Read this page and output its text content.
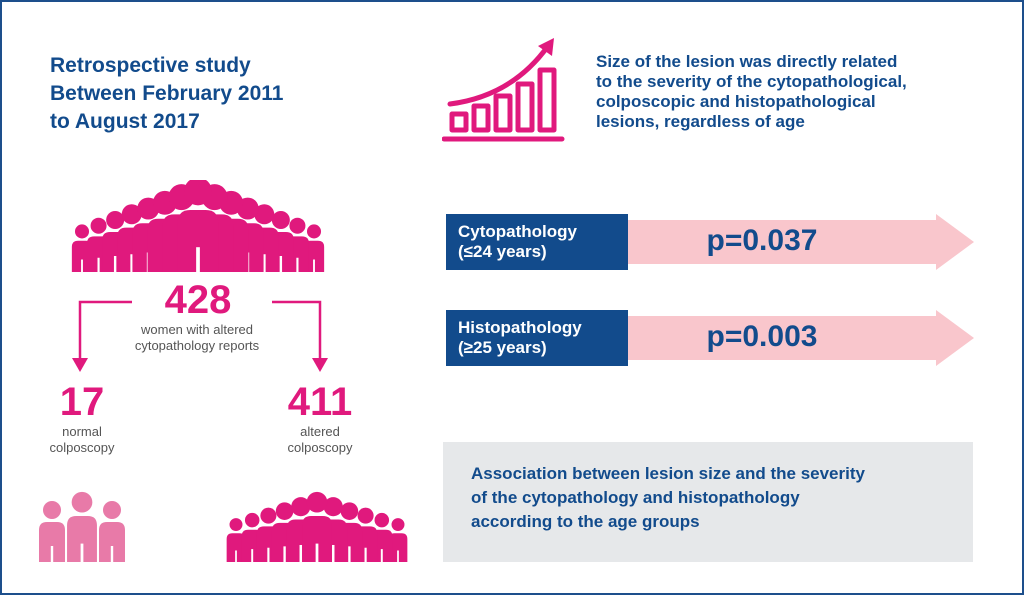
Retrospective study
Between February 2011
to August 2017
Size of the lesion was directly related
to the severity of the cytopathological,
colposcopic and histopathological
lesions, regardless of age
428
women with altered
cytopathology reports
17
normal
colposcopy
411
altered
colposcopy
Cytopathology
(≤24 years)	p=0.037
Histopathology
(≥25 years)	p=0.003
Association between lesion size and the severity
of the cytopathology and histopathology
according to the age groups
